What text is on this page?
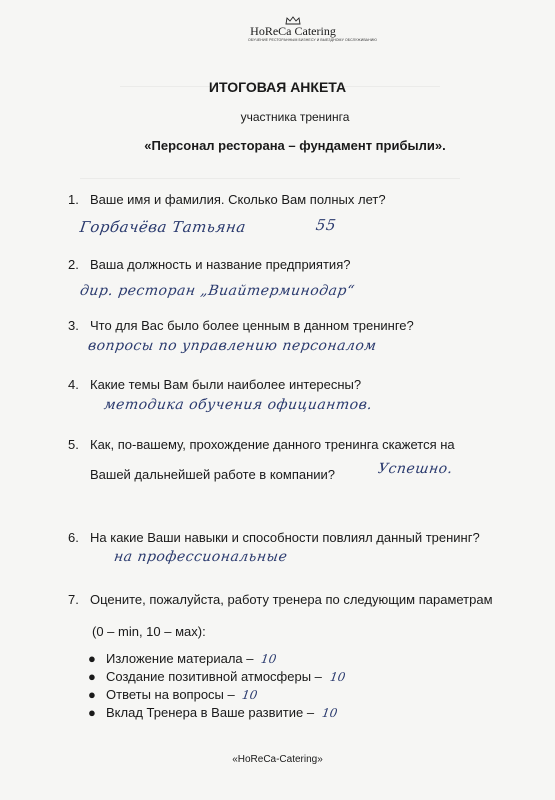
HoReCa Catering
ОБУЧЕНИЕ РЕСТОРАННЫМ БИЗНЕСУ И ВЫЕЗДНОМУ ОБСЛУЖИВАНИЮ
ИТОГОВАЯ АНКЕТА
участника тренинга
«Персонал ресторана – фундамент прибыли».
1. Ваше имя и фамилия. Сколько Вам полных лет?
Горбачёва Татьяна	55
2. Ваша должность и название предприятия?
дир. ресторан „Виайтерминодар“
3. Что для Вас было более ценным в данном тренинге?
вопросы по управлению персоналом
4. Какие темы Вам были наиболее интересны?
методика обучения официантов.
5. Как, по-вашему, прохождение данного тренинга скажется на
Вашей дальнейшей работе в компании?	Успешно.
6. На какие Ваши навыки и способности повлиял данный тренинг?
на профессиональные
7. Оцените, пожалуйста, работу тренера по следующим параметрам
(0 – min, 10 – мах):
● Изложение материала – 10
● Создание позитивной атмосферы – 10
● Ответы на вопросы – 10
● Вклад Тренера в Ваше развитие – 10
«HoReCa-Catering»
